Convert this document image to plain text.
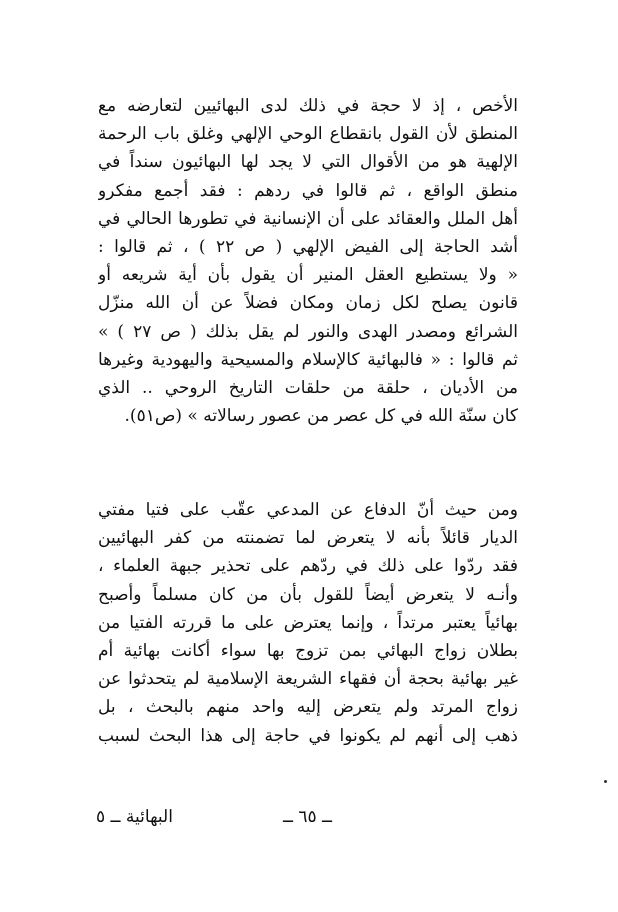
الأخص ، إذ لا حجة في ذلك لدى البهائيين لتعارضه مع
المنطق لأن القول بانقطاع الوحي الإلهي وغلق باب الرحمة
الإلهية هو من الأقوال التي لا يجد لها البهائيون سنداً في
منطق الواقع ، ثم قالوا في ردهم : فقد أجمع مفكرو
أهل الملل والعقائد على أن الإنسانية في تطورها الحالي في
أشد الحاجة إلى الفيض الإلهي ( ص ٢٢ ) ، ثم قالوا :
« ولا يستطيع العقل المنير أن يقول بأن أية شريعه أو
قانون يصلح لكل زمان ومكان فضلاً عن أن الله منزّل
الشرائع ومصدر الهدى والنور لم يقل بذلك ( ص ٢٧ ) »
ثم قالوا : « فالبهائية كالإسلام والمسيحية واليهودية وغيرها
من الأديان ، حلقة من حلقات التاريخ الروحي .. الذي
كان سنّة الله في كل عصر من عصور رسالاته » (ص٥١).
ومن حيث أنّ الدفاع عن المدعي عقّب على فتيا مفتي
الديار قائلاً بأنه لا يتعرض لما تضمنته من كفر البهائيين
فقد ردّوا على ذلك في ردّهم على تحذير جبهة العلماء ،
وأنـه لا يتعرض أيضاً للقول بأن من كان مسلماً وأصبح
بهائياً يعتبر مرتداً ، وإنما يعترض على ما قررته الفتيا من
بطلان زواج البهائي بمن تزوج بها سواء أكانت بهائية أم
غير بهائية بحجة أن فقهاء الشريعة الإسلامية لم يتحدثوا عن
زواج المرتد ولم يتعرض إليه واحد منهم بالبحث ، بل
ذهب إلى أنهم لم يكونوا في حاجة إلى هذا البحث لسبب
البهائية ــ ٥	ــ ٦٥ ــ
